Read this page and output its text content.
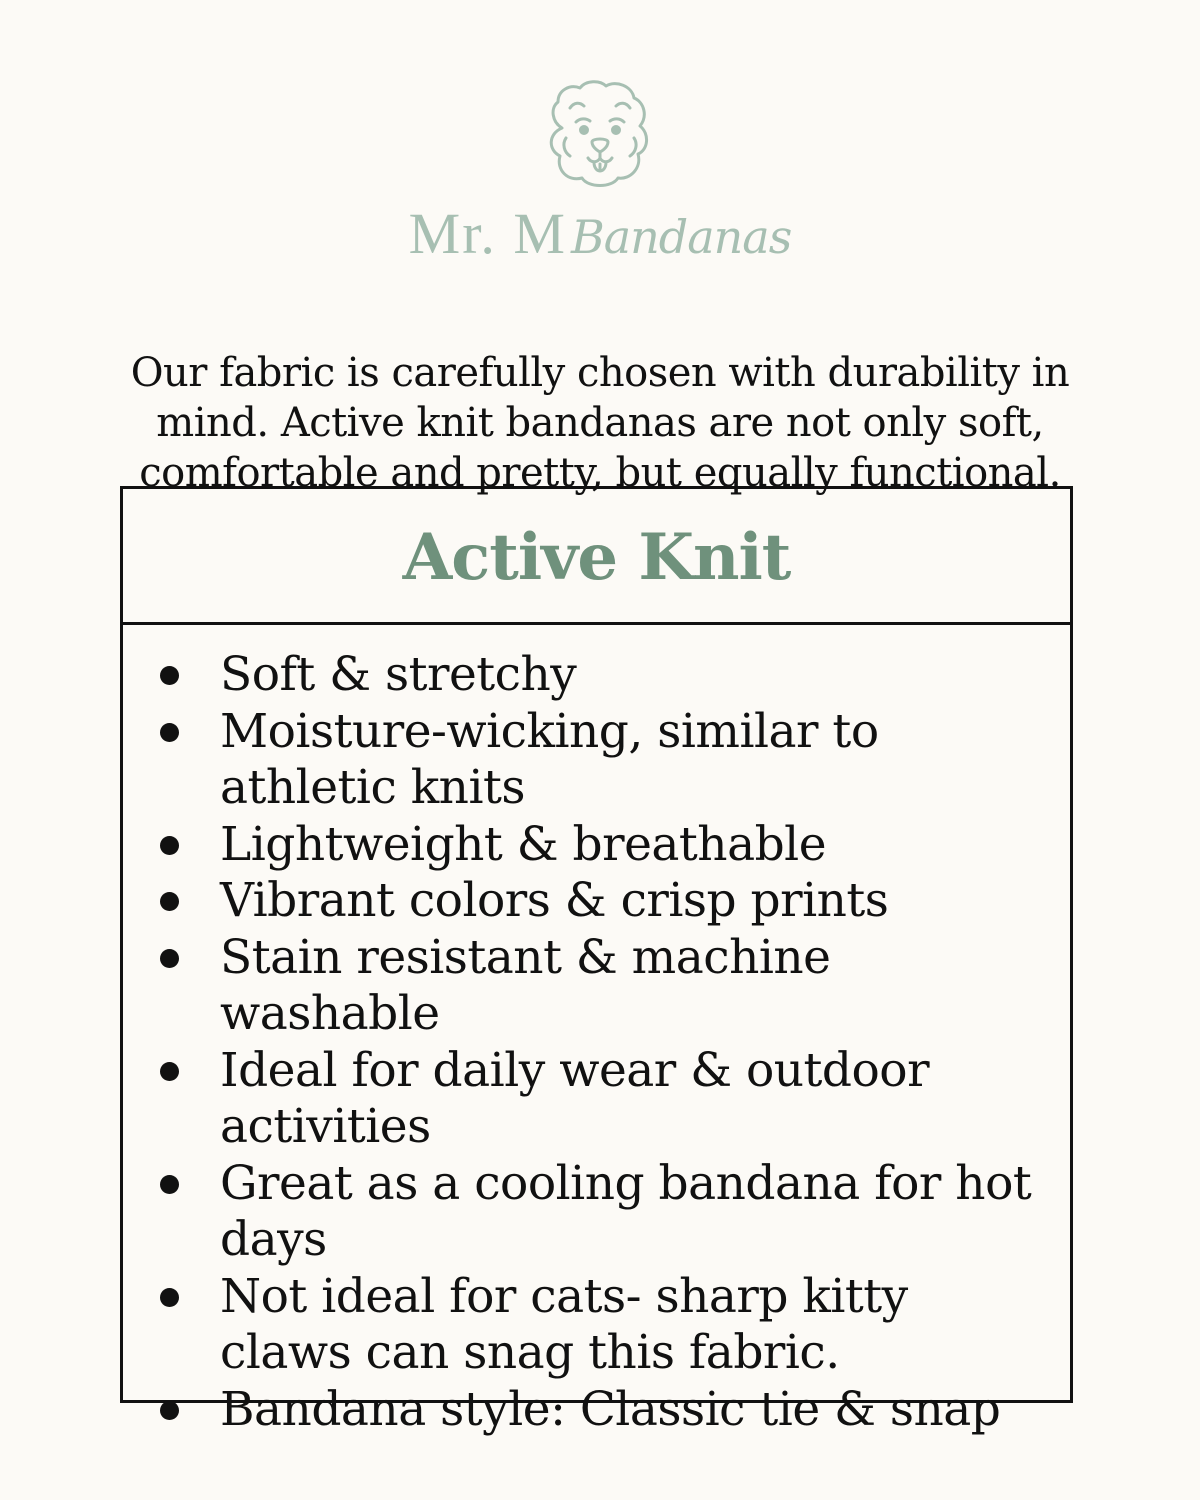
Mr. MBandanas

Our fabric is carefully chosen with durability in mind. Active knit bandanas are not only soft, comfortable and pretty, but equally functional.

Active Knit
Soft & stretchy
Moisture-wicking, similar to athletic knits
Lightweight & breathable
Vibrant colors & crisp prints
Stain resistant & machine washable
Ideal for daily wear & outdoor activities
Great as a cooling bandana for hot days
Not ideal for cats- sharp kitty claws can snag this fabric.
Bandana style: Classic tie & snap
